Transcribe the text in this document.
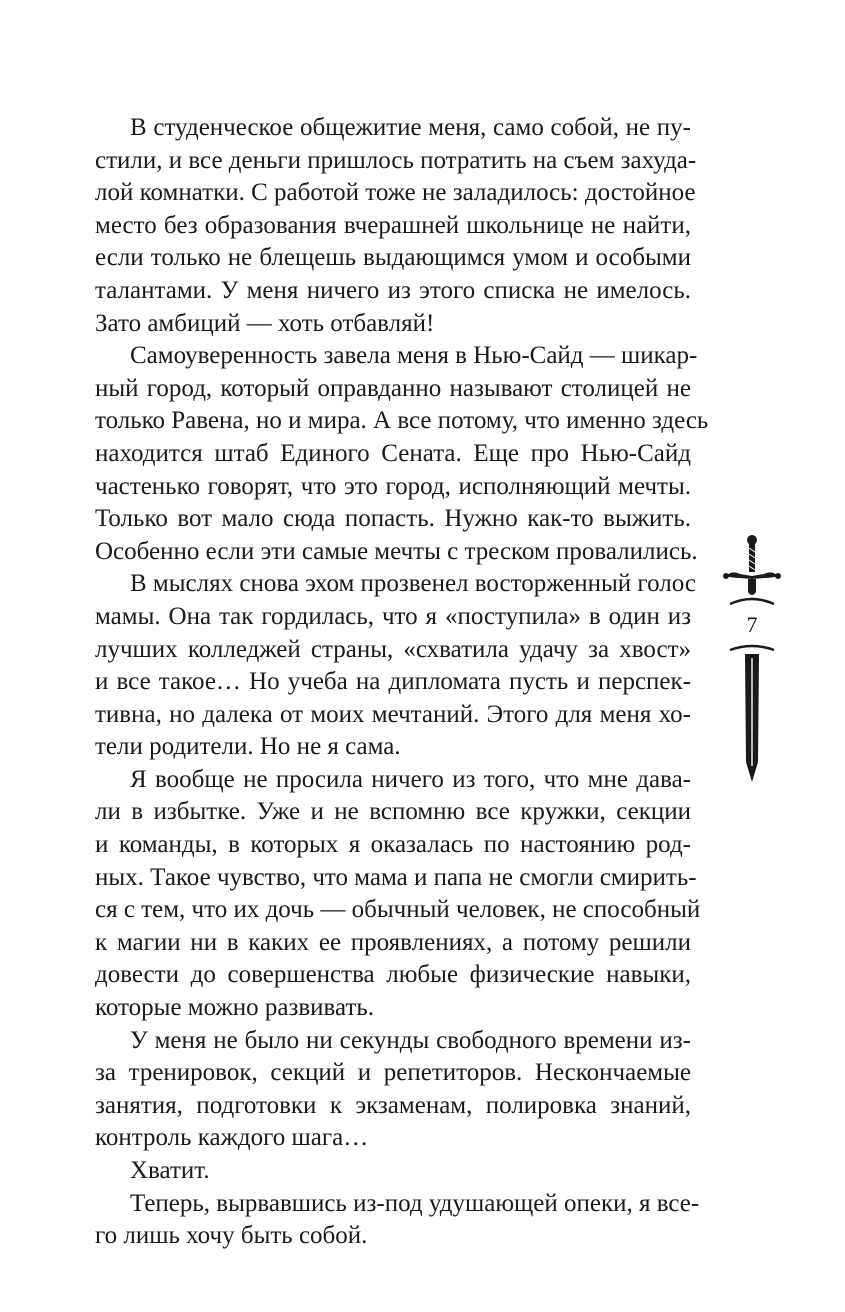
В студенческое общежитие меня, само собой, не пу-
стили, и все деньги пришлось потратить на съем захуда-
лой комнатки. С работой тоже не заладилось: достойное
место без образования вчерашней школьнице не найти,
если только не блещешь выдающимся умом и особыми
талантами. У меня ничего из этого списка не имелось.
Зато амбиций — хоть отбавляй!
Самоуверенность завела меня в Нью-Сайд — шикар-
ный город, который оправданно называют столицей не
только Равена, но и мира. А все потому, что именно здесь
находится штаб Единого Сената. Еще про Нью-Сайд
частенько говорят, что это город, исполняющий мечты.
Только вот мало сюда попасть. Нужно как-то выжить.
Особенно если эти самые мечты с треском провалились.
В мыслях снова эхом прозвенел восторженный голос
мамы. Она так гордилась, что я «поступила» в один из
лучших колледжей страны, «схватила удачу за хвост»
и все такое… Но учеба на дипломата пусть и перспек-
тивна, но далека от моих мечтаний. Этого для меня хо-
тели родители. Но не я сама.
Я вообще не просила ничего из того, что мне дава-
ли в избытке. Уже и не вспомню все кружки, секции
и команды, в которых я оказалась по настоянию род-
ных. Такое чувство, что мама и папа не смогли смирить-
ся с тем, что их дочь — обычный человек, не способный
к магии ни в каких ее проявлениях, а потому решили
довести до совершенства любые физические навыки,
которые можно развивать.
У меня не было ни секунды свободного времени из-
за тренировок, секций и репетиторов. Нескончаемые
занятия, подготовки к экзаменам, полировка знаний,
контроль каждого шага…
Хватит.
Теперь, вырвавшись из-под удушающей опеки, я все-
го лишь хочу быть собой.
7
